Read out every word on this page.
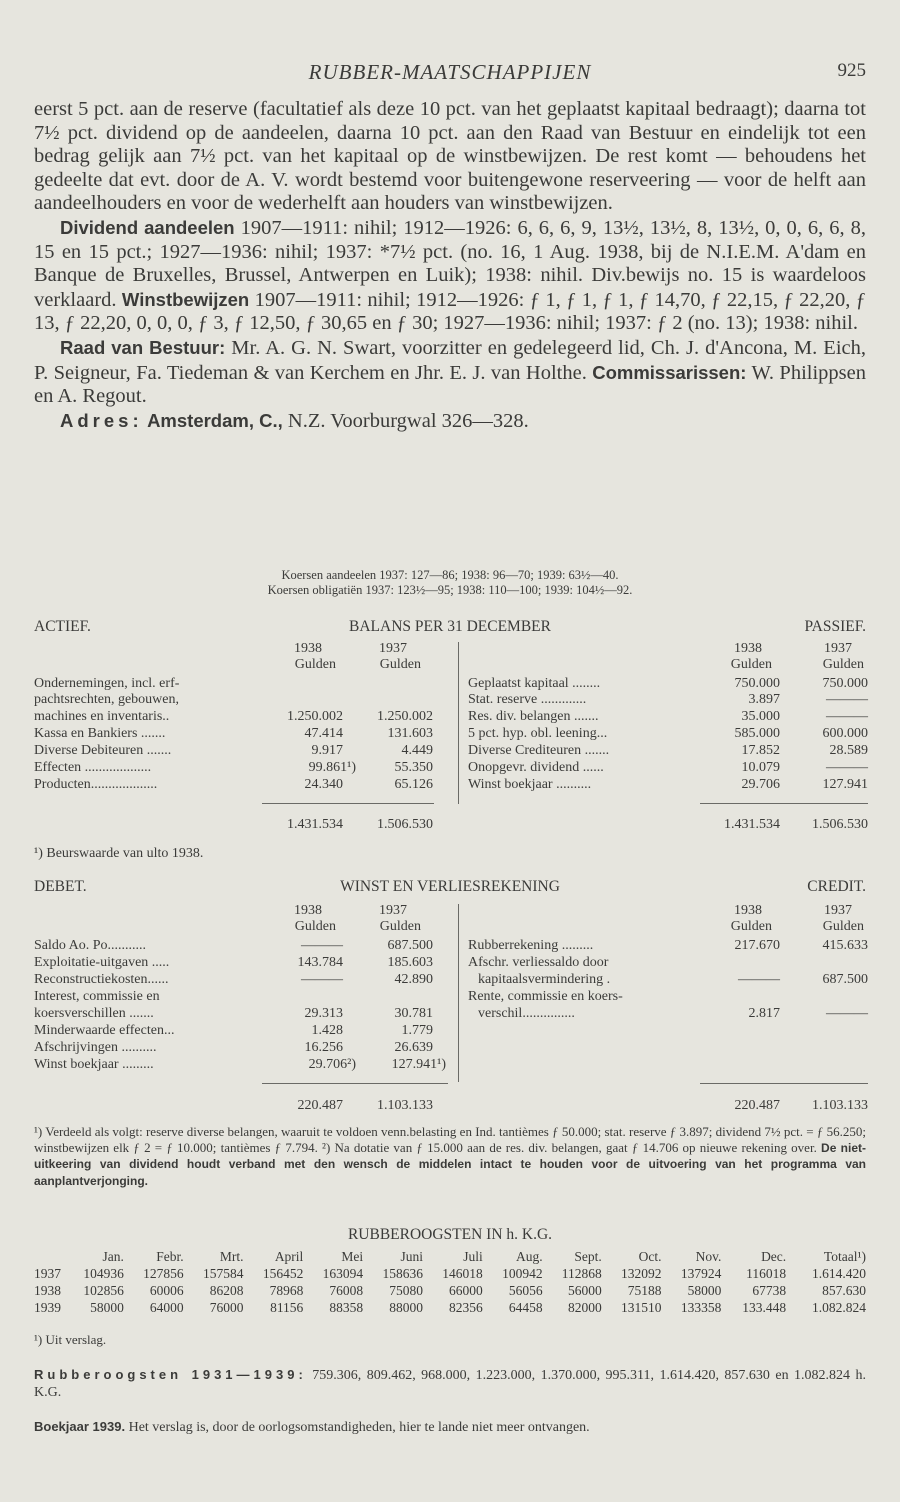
RUBBER-MAATSCHAPPIJEN	925

eerst 5 pct. aan de reserve (facultatief als deze 10 pct. van het geplaatst kapitaal bedraagt); daarna tot 7½ pct. dividend op de aandeelen, daarna 10 pct. aan den Raad van Bestuur en eindelijk tot een bedrag gelijk aan 7½ pct. van het kapitaal op de winstbewijzen. De rest komt — behoudens het gedeelte dat evt. door de A. V. wordt bestemd voor buitengewone reserveering — voor de helft aan aandeelhouders en voor de wederhelft aan houders van winstbewijzen.

Dividend aandeelen 1907—1911: nihil; 1912—1926: 6, 6, 6, 9, 13½, 13½, 8, 13½, 0, 0, 6, 6, 8, 15 en 15 pct.; 1927—1936: nihil; 1937: *7½ pct. (no. 16, 1 Aug. 1938, bij de N.I.E.M. A'dam en Banque de Bruxelles, Brussel, Antwerpen en Luik); 1938: nihil. Div.bewijs no. 15 is waardeloos verklaard. Winstbewijzen 1907—1911: nihil; 1912—1926: ƒ 1, ƒ 1, ƒ 1, ƒ 14,70, ƒ 22,15, ƒ 22,20, ƒ 13, ƒ 22,20, 0, 0, 0, ƒ 3, ƒ 12,50, ƒ 30,65 en ƒ 30; 1927—1936: nihil; 1937: ƒ 2 (no. 13); 1938: nihil.

Raad van Bestuur: Mr. A. G. N. Swart, voorzitter en gedelegeerd lid, Ch. J. d'Ancona, M. Eich, P. Seigneur, Fa. Tiedeman & van Kerchem en Jhr. E. J. van Holthe. Commissarissen: W. Philippsen en A. Regout.

Adres: Amsterdam, C., N.Z. Voorburgwal 326—328.

Koersen aandeelen 1937: 127—86; 1938: 96—70; 1939: 63½—40.
Koersen obligatiën 1937: 123½—95; 1938: 110—100; 1939: 104½—92.
ACTIEF.	BALANS PER 31 DECEMBER	PASSIEF.
1938	1937
Gulden	Gulden
1938	1937
Gulden	Gulden
Ondernemingen, incl. erf-
pachtsrechten, gebouwen,
machines en inventaris..	1.250.002	1.250.002
Kassa en Bankiers .......	47.414	131.603
Diverse Debiteuren .......	9.917	4.449
Effecten ...................	99.861¹)	55.350
Producten...................	24.340	65.126
Geplaatst kapitaal ........	750.000	750.000
Stat. reserve .............	3.897	———
Res. div. belangen .......	35.000	———
5 pct. hyp. obl. leening...	585.000	600.000
Diverse Crediteuren .......	17.852	28.589
Onopgevr. dividend ......	10.079	———
Winst boekjaar ..........	29.706	127.941
1.431.534	1.506.530	1.431.534	1.506.530
¹) Beurswaarde van ulto 1938.
DEBET.	WINST EN VERLIESREKENING	CREDIT.
1938	1937
Gulden	Gulden
1938	1937
Gulden	Gulden
Saldo Ao. Po...........	———	687.500
Exploitatie-uitgaven .....	143.784	185.603
Reconstructiekosten......	———	42.890
Interest, commissie en
koersverschillen .......	29.313	30.781
Minderwaarde effecten...	1.428	1.779
Afschrijvingen ..........	16.256	26.639
Winst boekjaar .........	29.706²)	127.941¹)
Rubberrekening .........	217.670	415.633
Afschr. verliessaldo door
kapitaalsvermindering .	———	687.500
Rente, commissie en koers-
verschil...............	2.817	———
220.487	1.103.133	220.487	1.103.133
¹) Verdeeld als volgt: reserve diverse belangen, waaruit te voldoen venn.belasting en Ind. tantièmes ƒ 50.000; stat. reserve ƒ 3.897; dividend 7½ pct. = ƒ 56.250; winstbewijzen elk ƒ 2 = ƒ 10.000; tantièmes ƒ 7.794. ²) Na dotatie van ƒ 15.000 aan de res. div. belangen, gaat ƒ 14.706 op nieuwe rekening over. De niet-uitkeering van dividend houdt verband met den wensch de middelen intact te houden voor de uitvoering van het programma van aanplantverjonging.
RUBBEROOGSTEN IN h. K.G.
	Jan.	Febr.	Mrt.	April	Mei	Juni	Juli	Aug.	Sept.	Oct.	Nov.	Dec.	Totaal¹)
1937	104936	127856	157584	156452	163094	158636	146018	100942	112868	132092	137924	116018	1.614.420
1938	102856	60006	86208	78968	76008	75080	66000	56056	56000	75188	58000	67738	857.630
1939	58000	64000	76000	81156	88358	88000	82356	64458	82000	131510	133358	133.448	1.082.824
¹) Uit verslag.
Rubberoogsten 1931—1939: 759.306, 809.462, 968.000, 1.223.000, 1.370.000, 995.311, 1.614.420, 857.630 en 1.082.824 h. K.G.
Boekjaar 1939. Het verslag is, door de oorlogsomstandigheden, hier te lande niet meer ontvangen.
